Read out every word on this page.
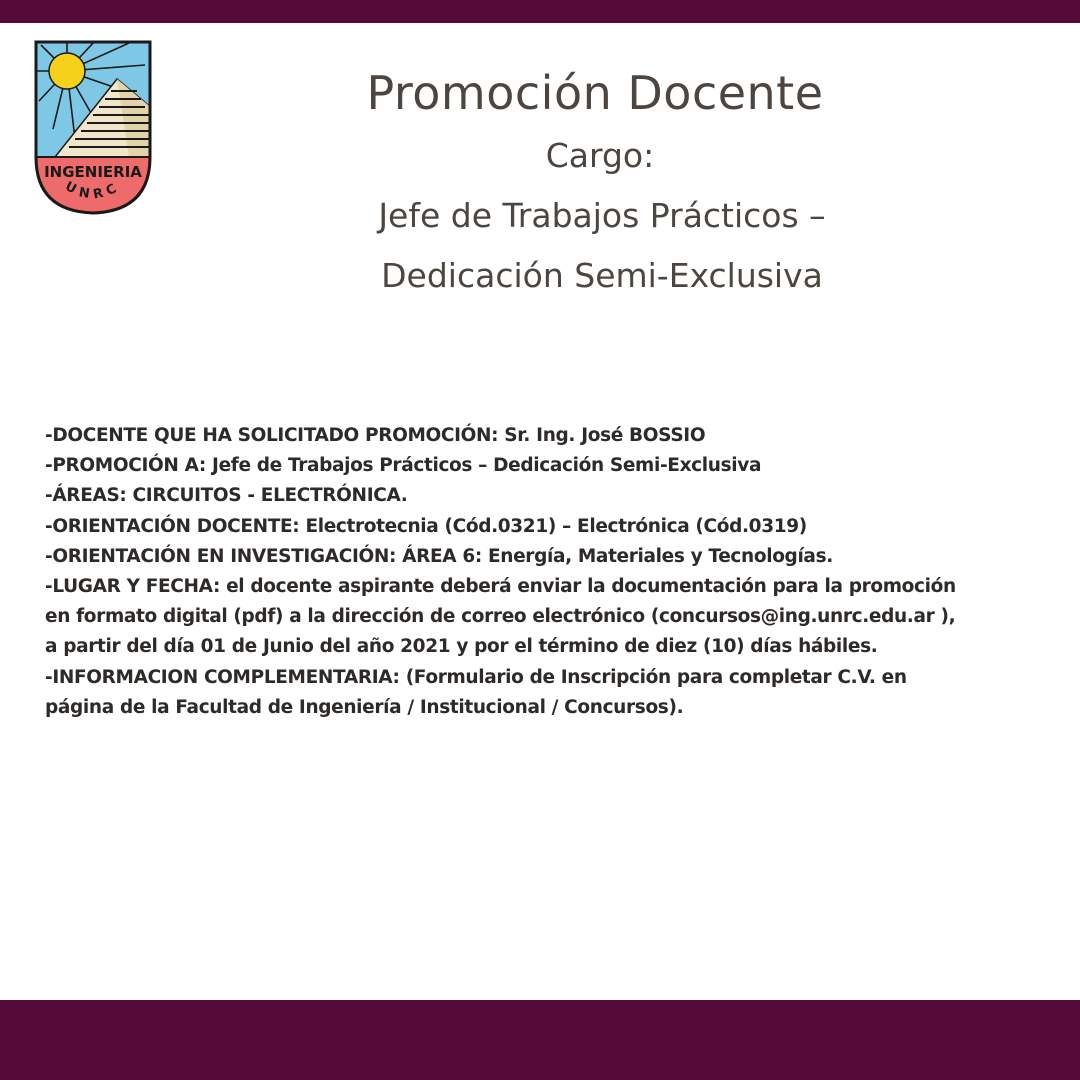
INGENIERIA
UNRC
Promoción Docente
Cargo:
Jefe de Trabajos Prácticos –
Dedicación Semi-Exclusiva
-DOCENTE QUE HA SOLICITADO PROMOCIÓN: Sr. Ing. José BOSSIO
-PROMOCIÓN A: Jefe de Trabajos Prácticos – Dedicación Semi-Exclusiva
-ÁREAS: CIRCUITOS - ELECTRÓNICA.
-ORIENTACIÓN DOCENTE: Electrotecnia (Cód.0321) – Electrónica (Cód.0319)
-ORIENTACIÓN EN INVESTIGACIÓN: ÁREA 6: Energía, Materiales y Tecnologías.
-LUGAR Y FECHA: el docente aspirante deberá enviar la documentación para la promoción
en formato digital (pdf) a la dirección de correo electrónico (concursos@ing.unrc.edu.ar ),
a partir del día 01 de Junio del año 2021 y por el término de diez (10) días hábiles.
-INFORMACION COMPLEMENTARIA: (Formulario de Inscripción para completar C.V. en
página de la Facultad de Ingeniería / Institucional / Concursos).
